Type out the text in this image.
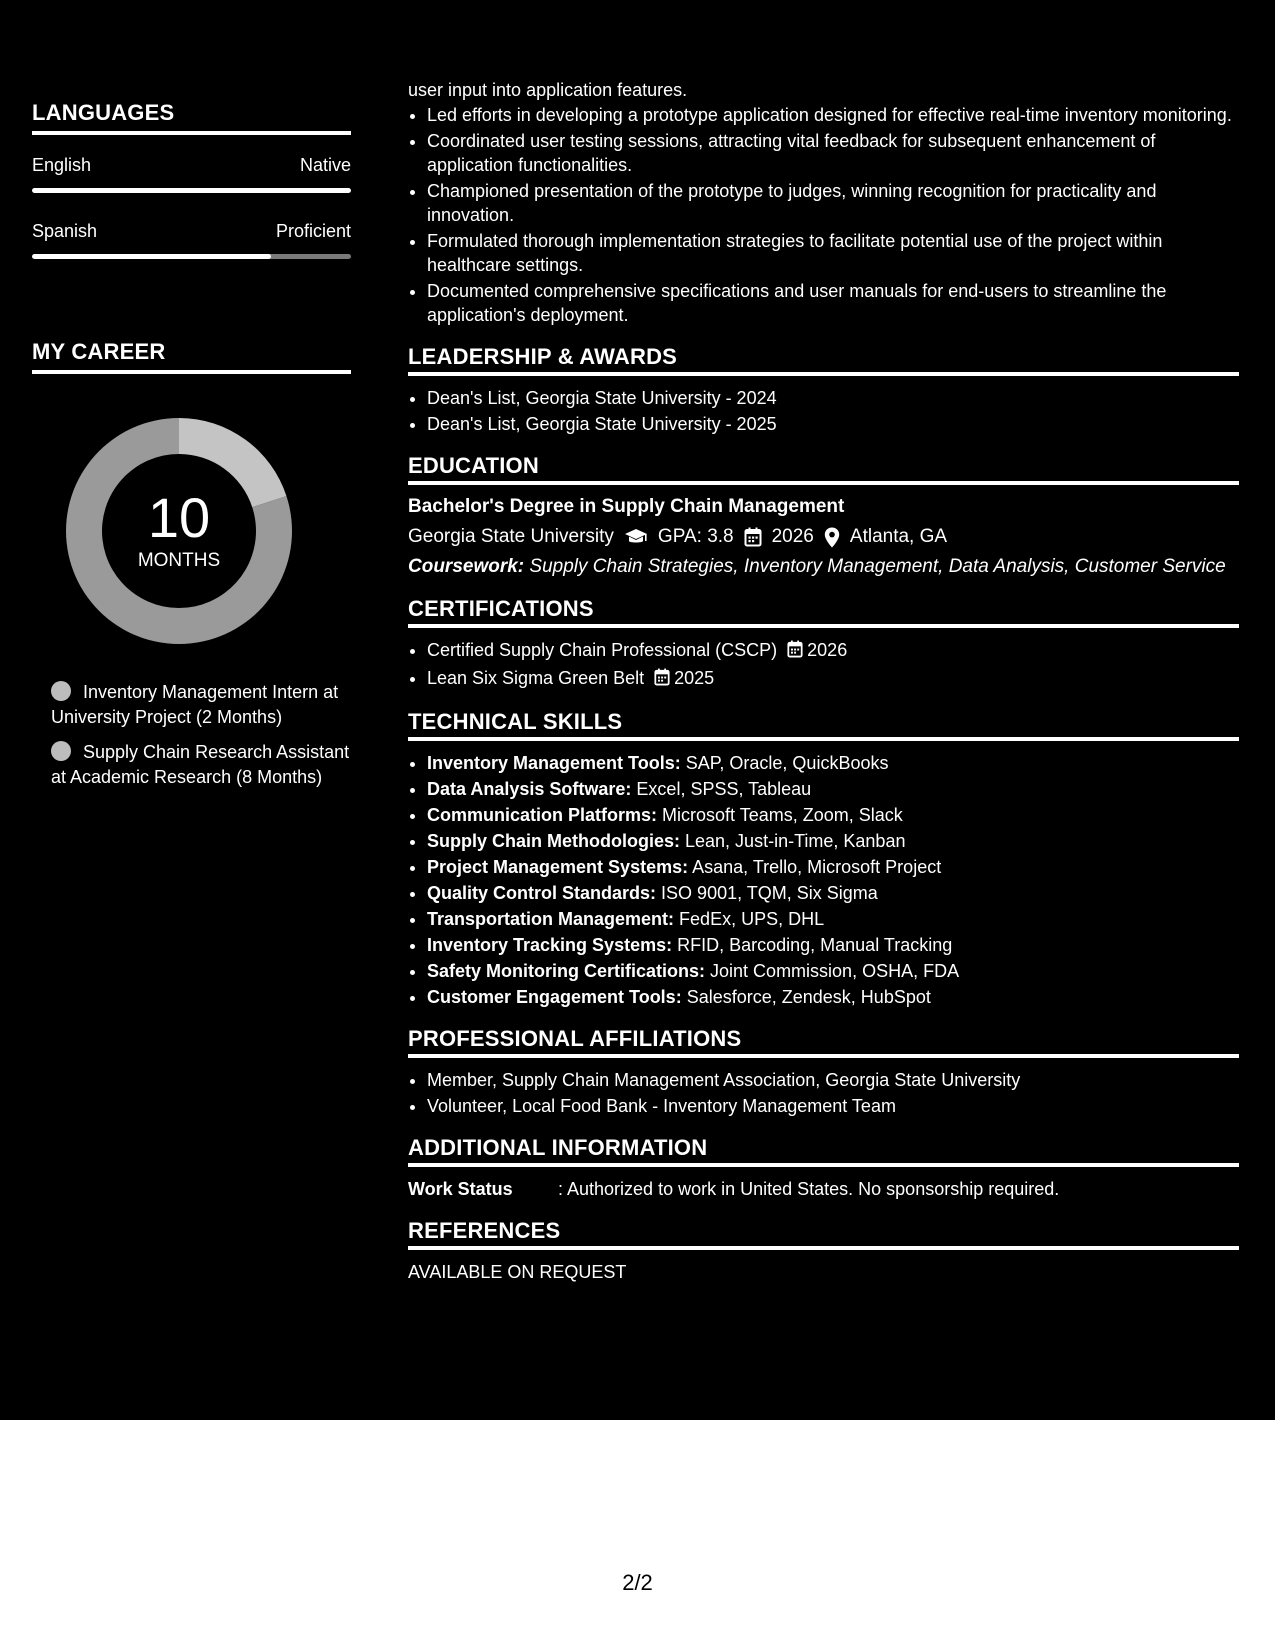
LANGUAGES
English	Native
Spanish	Proficient
MY CAREER
10
MONTHS
Inventory Management Intern at University Project (2 Months)
Supply Chain Research Assistant at Academic Research (8 Months)
user input into application features.
• Led efforts in developing a prototype application designed for effective real-time inventory monitoring.
• Coordinated user testing sessions, attracting vital feedback for subsequent enhancement of application functionalities.
• Championed presentation of the prototype to judges, winning recognition for practicality and innovation.
• Formulated thorough implementation strategies to facilitate potential use of the project within healthcare settings.
• Documented comprehensive specifications and user manuals for end-users to streamline the application's deployment.
LEADERSHIP & AWARDS
• Dean's List, Georgia State University - 2024
• Dean's List, Georgia State University - 2025
EDUCATION
Bachelor's Degree in Supply Chain Management
Georgia State University GPA: 3.8 2026 Atlanta, GA
Coursework: Supply Chain Strategies, Inventory Management, Data Analysis, Customer Service
CERTIFICATIONS
• Certified Supply Chain Professional (CSCP) 2026
• Lean Six Sigma Green Belt 2025
TECHNICAL SKILLS
• Inventory Management Tools: SAP, Oracle, QuickBooks
• Data Analysis Software: Excel, SPSS, Tableau
• Communication Platforms: Microsoft Teams, Zoom, Slack
• Supply Chain Methodologies: Lean, Just-in-Time, Kanban
• Project Management Systems: Asana, Trello, Microsoft Project
• Quality Control Standards: ISO 9001, TQM, Six Sigma
• Transportation Management: FedEx, UPS, DHL
• Inventory Tracking Systems: RFID, Barcoding, Manual Tracking
• Safety Monitoring Certifications: Joint Commission, OSHA, FDA
• Customer Engagement Tools: Salesforce, Zendesk, HubSpot
PROFESSIONAL AFFILIATIONS
• Member, Supply Chain Management Association, Georgia State University
• Volunteer, Local Food Bank - Inventory Management Team
ADDITIONAL INFORMATION
Work Status	: Authorized to work in United States. No sponsorship required.
REFERENCES
AVAILABLE ON REQUEST
2/2
